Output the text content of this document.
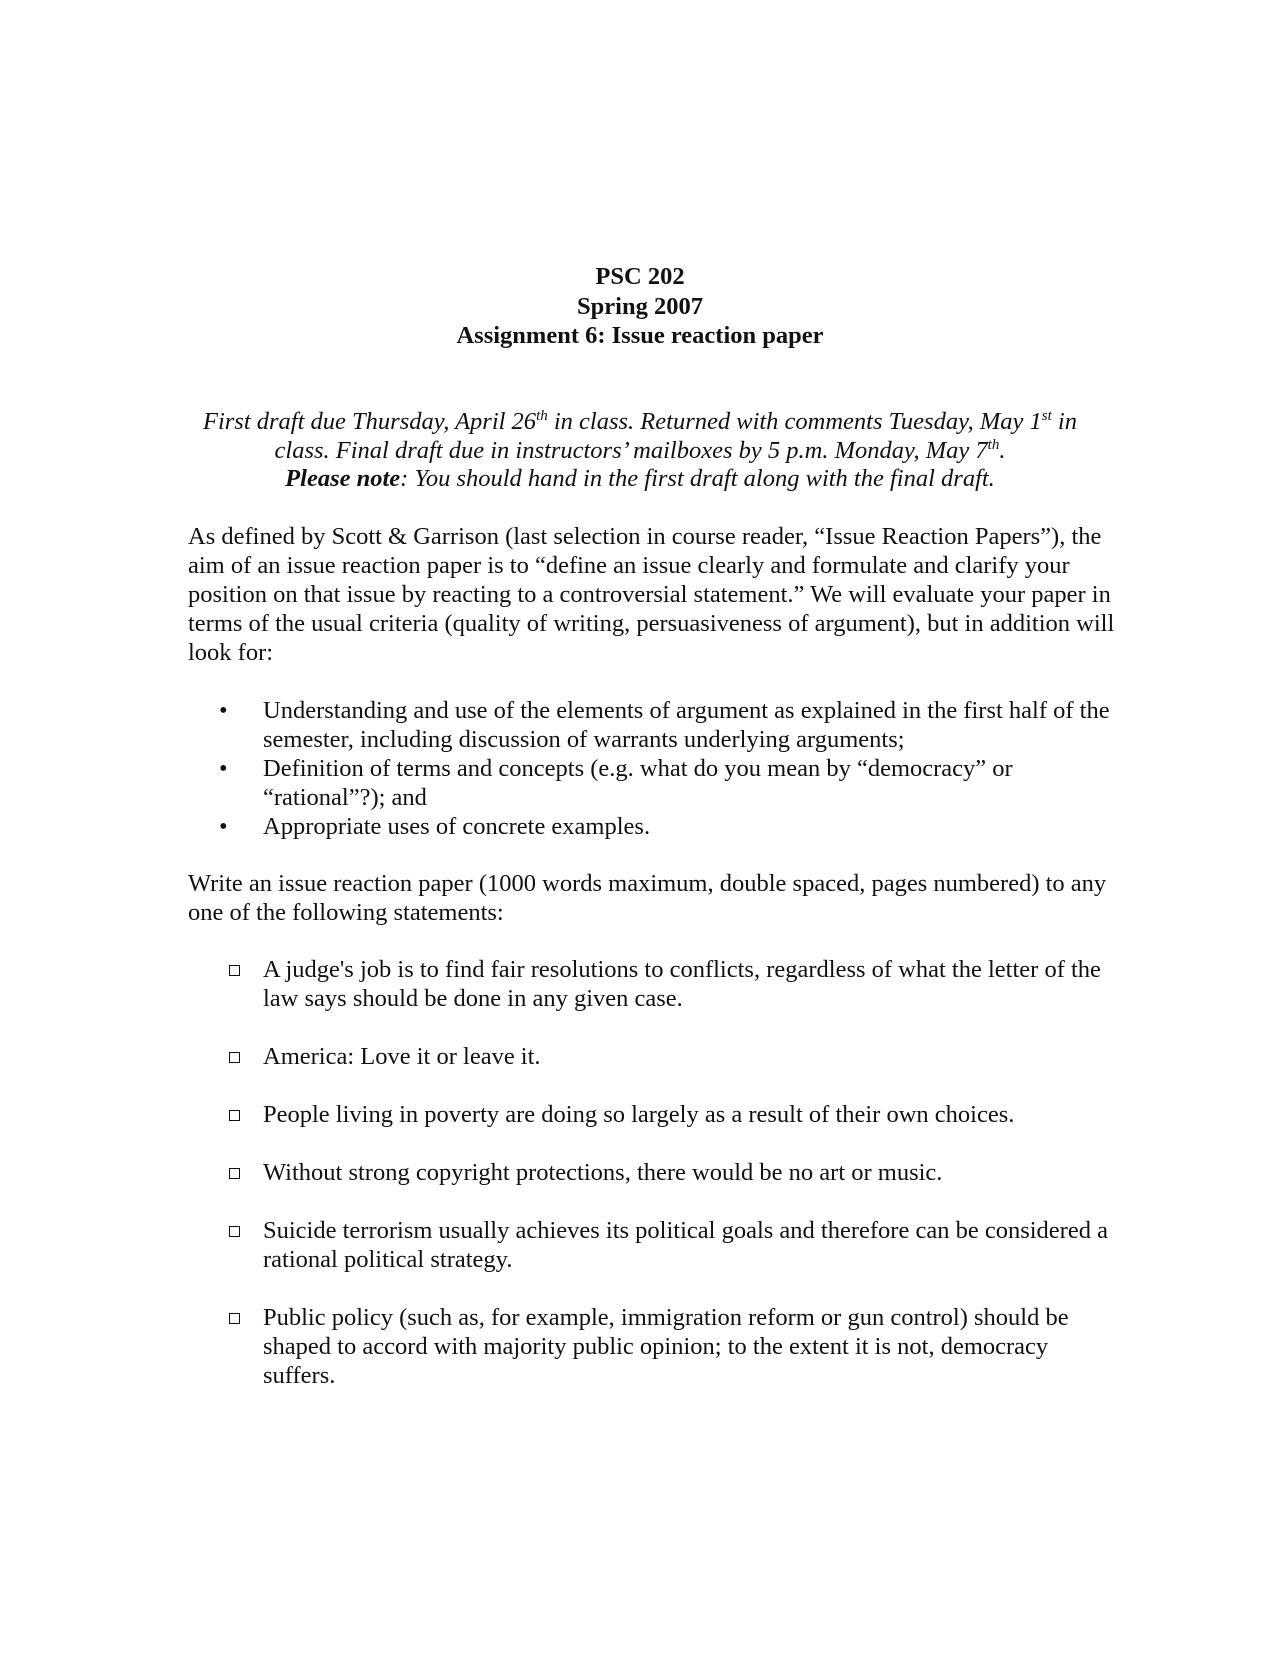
PSC 202
Spring 2007
Assignment 6: Issue reaction paper
First draft due Thursday, April 26th in class. Returned with comments Tuesday, May 1st in
class. Final draft due in instructors’ mailboxes by 5 p.m. Monday, May 7th.
Please note: You should hand in the first draft along with the final draft.
As defined by Scott & Garrison (last selection in course reader, “Issue Reaction Papers”), the aim of an issue reaction paper is to “define an issue clearly and formulate and clarify your position on that issue by reacting to a controversial statement.” We will evaluate your paper in terms of the usual criteria (quality of writing, persuasiveness of argument), but in addition will look for:
• Understanding and use of the elements of argument as explained in the first half of the semester, including discussion of warrants underlying arguments;
• Definition of terms and concepts (e.g. what do you mean by “democracy” or “rational”?); and
• Appropriate uses of concrete examples.
Write an issue reaction paper (1000 words maximum, double spaced, pages numbered) to any one of the following statements:
A judge's job is to find fair resolutions to conflicts, regardless of what the letter of the law says should be done in any given case.
America: Love it or leave it.
People living in poverty are doing so largely as a result of their own choices.
Without strong copyright protections, there would be no art or music.
Suicide terrorism usually achieves its political goals and therefore can be considered a rational political strategy.
Public policy (such as, for example, immigration reform or gun control) should be shaped to accord with majority public opinion; to the extent it is not, democracy suffers.
